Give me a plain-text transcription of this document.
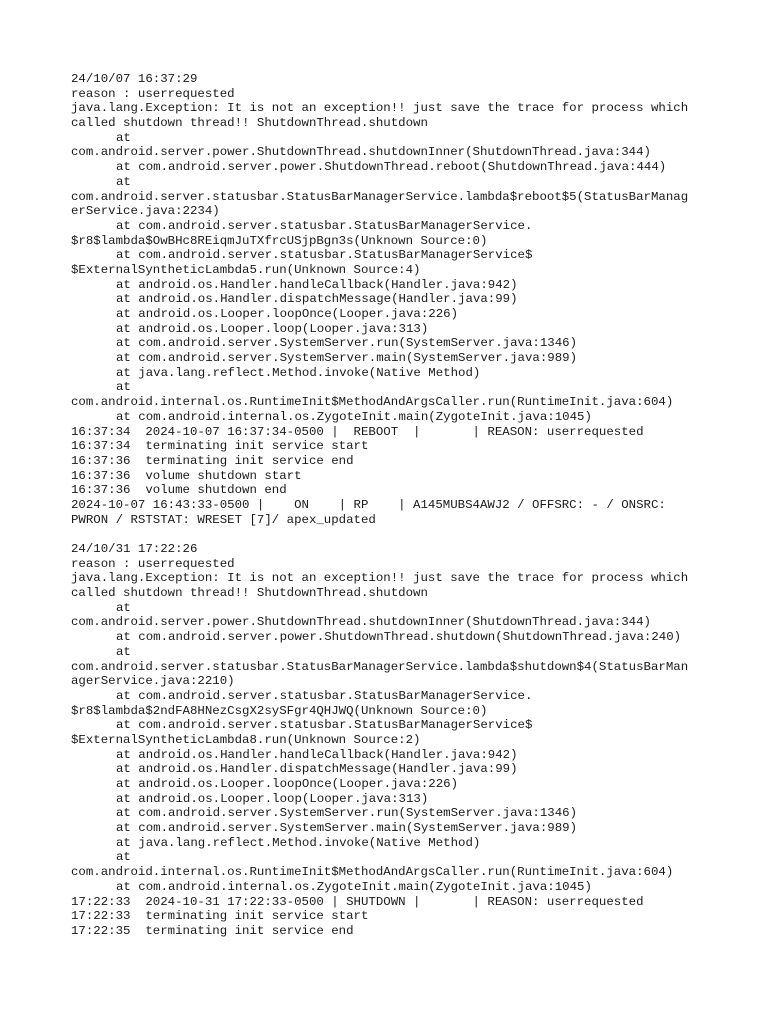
24/10/07 16:37:29
reason : userrequested
java.lang.Exception: It is not an exception!! just save the trace for process which
called shutdown thread!! ShutdownThread.shutdown
at
com.android.server.power.ShutdownThread.shutdownInner(ShutdownThread.java:344)
at com.android.server.power.ShutdownThread.reboot(ShutdownThread.java:444)
at
com.android.server.statusbar.StatusBarManagerService.lambda$reboot$5(StatusBarManag
erService.java:2234)
at com.android.server.statusbar.StatusBarManagerService.
$r8$lambda$OwBHc8REiqmJuTXfrcUSjpBgn3s(Unknown Source:0)
at com.android.server.statusbar.StatusBarManagerService$
$ExternalSyntheticLambda5.run(Unknown Source:4)
at android.os.Handler.handleCallback(Handler.java:942)
at android.os.Handler.dispatchMessage(Handler.java:99)
at android.os.Looper.loopOnce(Looper.java:226)
at android.os.Looper.loop(Looper.java:313)
at com.android.server.SystemServer.run(SystemServer.java:1346)
at com.android.server.SystemServer.main(SystemServer.java:989)
at java.lang.reflect.Method.invoke(Native Method)
at
com.android.internal.os.RuntimeInit$MethodAndArgsCaller.run(RuntimeInit.java:604)
at com.android.internal.os.ZygoteInit.main(ZygoteInit.java:1045)
16:37:34  2024-10-07 16:37:34-0500 |  REBOOT  |       | REASON: userrequested
16:37:34  terminating init service start
16:37:36  terminating init service end
16:37:36  volume shutdown start
16:37:36  volume shutdown end
2024-10-07 16:43:33-0500 |    ON    | RP    | A145MUBS4AWJ2 / OFFSRC: - / ONSRC:
PWRON / RSTSTAT: WRESET [7]/ apex_updated
24/10/31 17:22:26
reason : userrequested
java.lang.Exception: It is not an exception!! just save the trace for process which
called shutdown thread!! ShutdownThread.shutdown
at
com.android.server.power.ShutdownThread.shutdownInner(ShutdownThread.java:344)
at com.android.server.power.ShutdownThread.shutdown(ShutdownThread.java:240)
at
com.android.server.statusbar.StatusBarManagerService.lambda$shutdown$4(StatusBarMan
agerService.java:2210)
at com.android.server.statusbar.StatusBarManagerService.
$r8$lambda$2ndFA8HNezCsgX2sySFgr4QHJWQ(Unknown Source:0)
at com.android.server.statusbar.StatusBarManagerService$
$ExternalSyntheticLambda8.run(Unknown Source:2)
at android.os.Handler.handleCallback(Handler.java:942)
at android.os.Handler.dispatchMessage(Handler.java:99)
at android.os.Looper.loopOnce(Looper.java:226)
at android.os.Looper.loop(Looper.java:313)
at com.android.server.SystemServer.run(SystemServer.java:1346)
at com.android.server.SystemServer.main(SystemServer.java:989)
at java.lang.reflect.Method.invoke(Native Method)
at
com.android.internal.os.RuntimeInit$MethodAndArgsCaller.run(RuntimeInit.java:604)
at com.android.internal.os.ZygoteInit.main(ZygoteInit.java:1045)
17:22:33  2024-10-31 17:22:33-0500 | SHUTDOWN |       | REASON: userrequested
17:22:33  terminating init service start
17:22:35  terminating init service end
